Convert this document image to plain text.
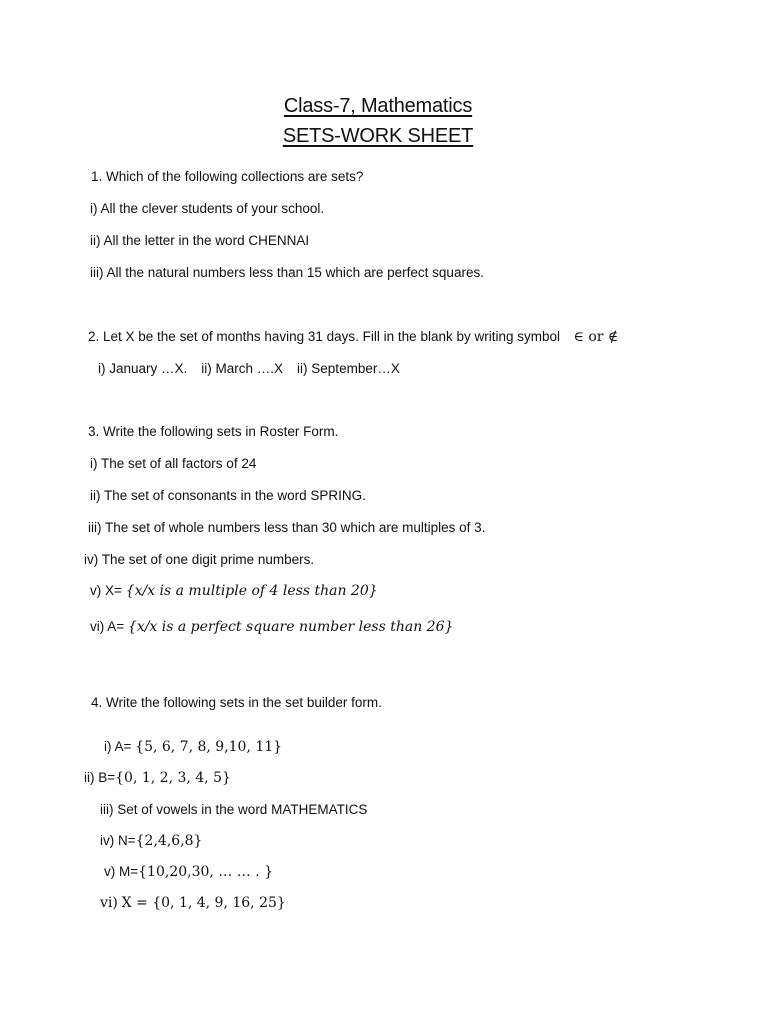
Class-7, Mathematics
SETS-WORK SHEET
1. Which of the following collections are sets?
i) All the clever students of your school.
ii) All the letter in the word CHENNAI
iii) All the natural numbers less than 15 which are perfect squares.
2. Let X be the set of months having 31 days. Fill in the blank by writing symbol ∈ or ∉
i) January …X. ii) March ….X ii) September…X
3. Write the following sets in Roster Form.
i) The set of all factors of 24
ii) The set of consonants in the word SPRING.
iii) The set of whole numbers less than 30 which are multiples of 3.
iv) The set of one digit prime numbers.
v) X= {x/x is a multiple of 4 less than 20}
vi) A= {x/x is a perfect square number less than 26}
4. Write the following sets in the set builder form.
i) A= {5, 6, 7, 8, 9,10, 11}
ii) B={0, 1, 2, 3, 4, 5}
iii) Set of vowels in the word MATHEMATICS
iv) N={2,4,6,8}
v) M={10,20,30, … … . }
vi) X = {0, 1, 4, 9, 16, 25}
